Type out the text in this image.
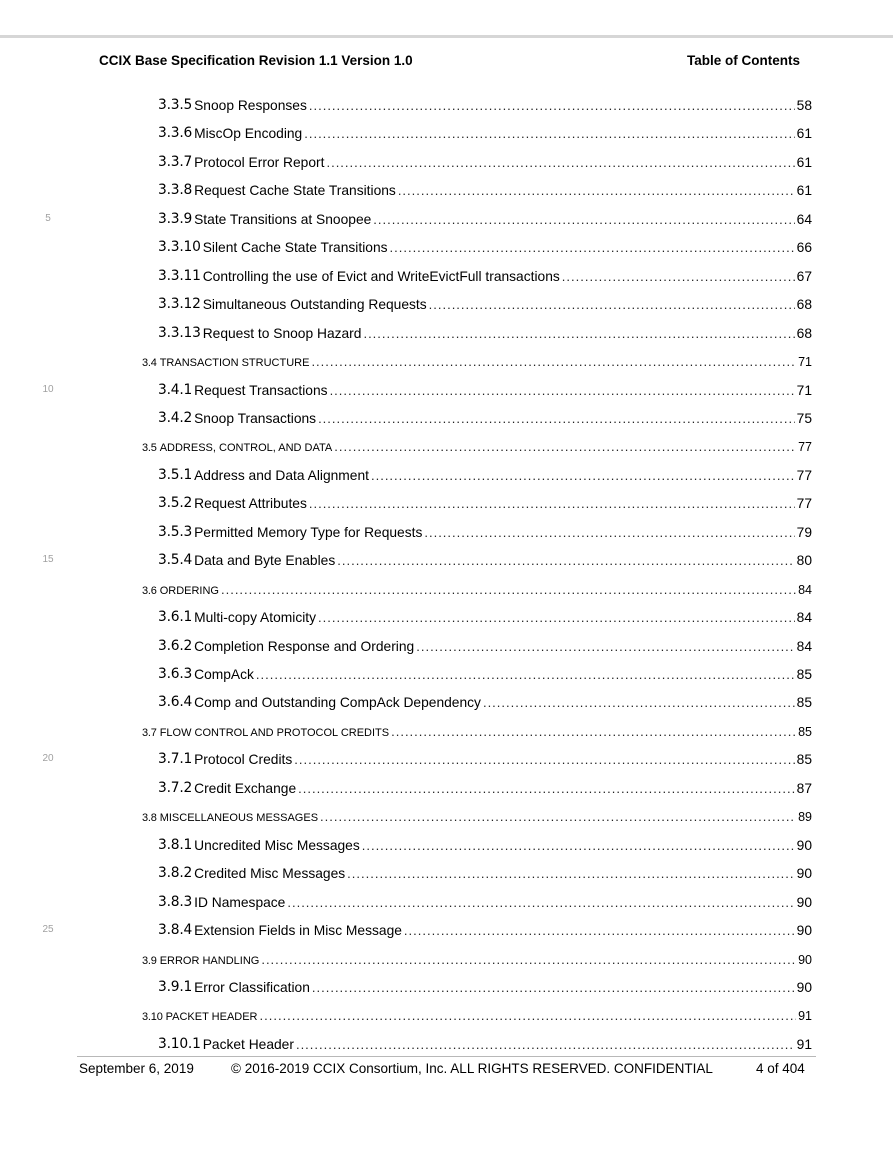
CCIX Base Specification Revision 1.1 Version 1.0	Table of Contents
3.3.5 Snoop Responses .....	58
3.3.6 MiscOp Encoding .....	61
3.3.7 Protocol Error Report .....	61
3.3.8 Request Cache State Transitions .....	61
3.3.9 State Transitions at Snoopee .....	64
3.3.10 Silent Cache State Transitions .....	66
3.3.11 Controlling the use of Evict and WriteEvictFull transactions .....	67
3.3.12 Simultaneous Outstanding Requests .....	68
3.3.13 Request to Snoop Hazard .....	68
3.4 TRANSACTION STRUCTURE .....	71
3.4.1 Request Transactions .....	71
3.4.2 Snoop Transactions .....	75
3.5 ADDRESS, CONTROL, AND DATA .....	77
3.5.1 Address and Data Alignment .....	77
3.5.2 Request Attributes .....	77
3.5.3 Permitted Memory Type for Requests .....	79
3.5.4 Data and Byte Enables .....	80
3.6 ORDERING .....	84
3.6.1 Multi-copy Atomicity .....	84
3.6.2 Completion Response and Ordering .....	84
3.6.3 CompAck .....	85
3.6.4 Comp and Outstanding CompAck Dependency .....	85
3.7 FLOW CONTROL AND PROTOCOL CREDITS .....	85
3.7.1 Protocol Credits .....	85
3.7.2 Credit Exchange .....	87
3.8 MISCELLANEOUS MESSAGES .....	89
3.8.1 Uncredited Misc Messages .....	90
3.8.2 Credited Misc Messages .....	90
3.8.3 ID Namespace .....	90
3.8.4 Extension Fields in Misc Message .....	90
3.9 ERROR HANDLING .....	90
3.9.1 Error Classification .....	90
3.10 PACKET HEADER .....	91
3.10.1 Packet Header .....	91
5
10
15
20
25
September 6, 2019	© 2016-2019 CCIX Consortium, Inc. ALL RIGHTS RESERVED. CONFIDENTIAL	4 of 404
